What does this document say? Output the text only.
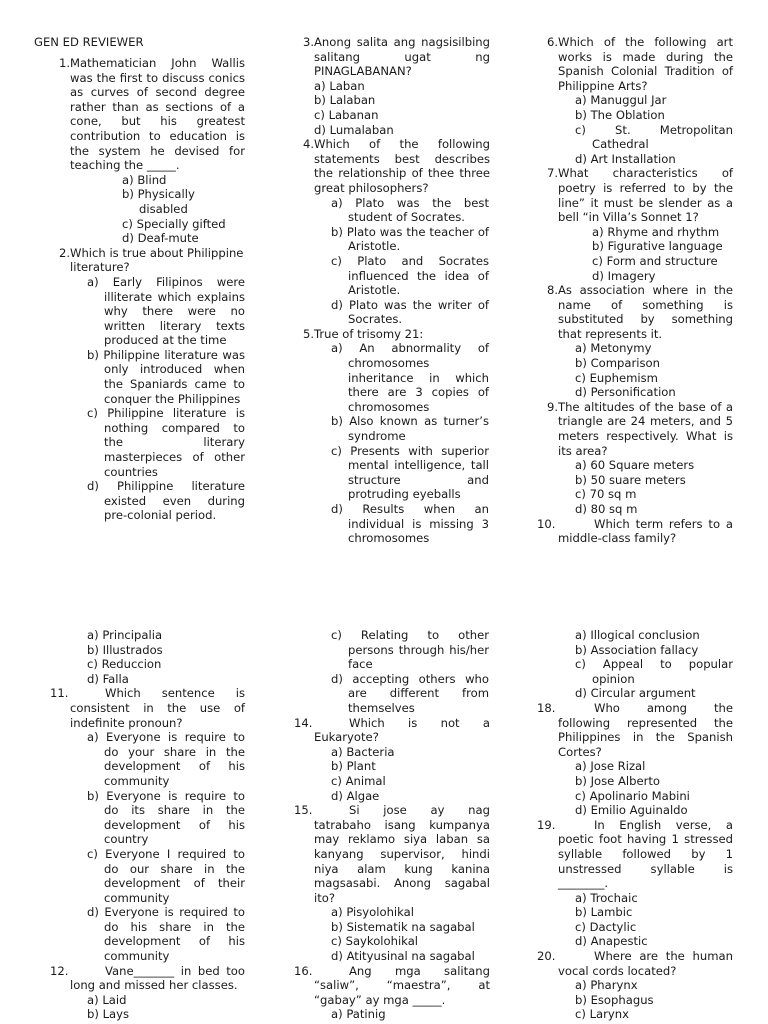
GEN ED REVIEWER
1. Mathematician John Wallis was the first to discuss conics as curves of second degree rather than as sections of a cone, but his greatest contribution to education is the system he devised for teaching the _____.
a) Blind
b) Physically disabled
c) Specially gifted
d) Deaf-mute
2. Which is true about Philippine literature?
a) Early Filipinos were illiterate which explains why there were no written literary texts produced at the time
b) Philippine literature was only introduced when the Spaniards came to conquer the Philippines
c) Philippine literature is nothing compared to the literary masterpieces of other countries
d) Philippine literature existed even during pre-colonial period.
3. Anong salita ang nagsisilbing salitang ugat ng PINAGLABANAN?
a) Laban
b) Lalaban
c) Labanan
d) Lumalaban
4. Which of the following statements best describes the relationship of thee three great philosophers?
a) Plato was the best student of Socrates.
b) Plato was the teacher of Aristotle.
c) Plato and Socrates influenced the idea of Aristotle.
d) Plato was the writer of Socrates.
5. True of trisomy 21:
a) An abnormality of chromosomes inheritance in which there are 3 copies of chromosomes
b) Also known as turner’s syndrome
c) Presents with superior mental intelligence, tall structure and protruding eyeballs
d) Results when an individual is missing 3 chromosomes
6. Which of the following art works is made during the Spanish Colonial Tradition of Philippine Arts?
a) Manuggul Jar
b) The Oblation
c) St. Metropolitan Cathedral
d) Art Installation
7. What characteristics of poetry is referred to by the line” it must be slender as a bell “in Villa’s Sonnet 1?
a) Rhyme and rhythm
b) Figurative language
c) Form and structure
d) Imagery
8. As association where in the name of something is substituted by something that represents it.
a) Metonymy
b) Comparison
c) Euphemism
d) Personification
9. The altitudes of the base of a triangle are 24 meters, and 5 meters respectively. What is its area?
a) 60 Square meters
b) 50 suare meters
c) 70 sq m
d) 80 sq m
10.	Which term refers to a middle-class family?
a) Principalia
b) Illustrados
c) Reduccion
d) Falla
11.	Which sentence is consistent in the use of indefinite pronoun?
a) Everyone is require to do your share in the development of his community
b) Everyone is require to do its share in the development of his country
c) Everyone I required to do our share in the development of their community
d) Everyone is required to do his share in the development of his community
12.	Vane_______ in bed too long and missed her classes.
a) Laid
b) Lays
c) Relating to other persons through his/her face
d) accepting others who are different from themselves
14.	Which is not a Eukaryote?
a) Bacteria
b) Plant
c) Animal
d) Algae
15.	Si jose ay nag tatrabaho isang kumpanya may reklamo siya laban sa kanyang supervisor, hindi niya alam kung kanina magsasabi. Anong sagabal ito?
a) Pisyolohikal
b) Sistematik na sagabal
c) Saykolohikal
d) Atityusinal na sagabal
16.	Ang mga salitang “saliw”, “maestra”, at “gabay” ay mga _____.
a) Patinig
a) Illogical conclusion
b) Association fallacy
c) Appeal to popular opinion
d) Circular argument
18.	Who among the following represented the Philippines in the Spanish Cortes?
a) Jose Rizal
b) Jose Alberto
c) Apolinario Mabini
d) Emilio Aguinaldo
19.	In English verse, a poetic foot having 1 stressed syllable followed by 1 unstressed syllable is ________.
a) Trochaic
b) Lambic
c) Dactylic
d) Anapestic
20.	Where are the human vocal cords located?
a) Pharynx
b) Esophagus
c) Larynx
